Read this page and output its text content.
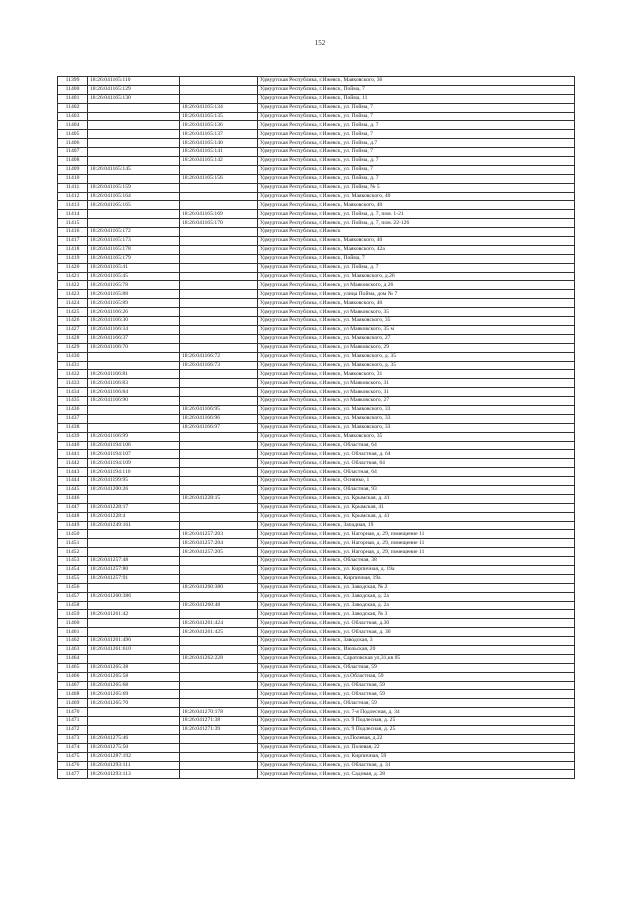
152
11399	18:26:041165:110		Удмуртская Республика, г.Ижевск, Маяковского, 36
11400	18:26:041165:129		Удмуртская Республика, г.Ижевск, Пойма, 7
11401	18:26:041165:130		Удмуртская Республика, г.Ижевск, Пойма, 11
11402		18:26:041165:134	Удмуртская Республика, г.Ижевск, ул. Пойма, 7
11403		18:26:041165:135	Удмуртская Республика, г.Ижевск, ул. Пойма, 7
11404		18:26:041165:136	Удмуртская Республика, г.Ижевск, ул. Пойма, д. 7
11405		18:26:041165:137	Удмуртская Республика, г.Ижевск, ул. Пойма, 7
11406		18:26:041165:140	Удмуртская Республика, г.Ижевск, ул. Пойма, д.7
11407		18:26:041165:141	Удмуртская Республика, г.Ижевск, ул. Пойма, 7
11408		18:26:041165:142	Удмуртская Республика, г.Ижевск, ул. Пойма, д. 7
11409	18:26:041165:145		Удмуртская Республика, г.Ижевск, ул. Пойма, 7
11410		18:26:041165:156	Удмуртская Республика, г.Ижевск, ул. Пойма, д. 7
11411	18:26:041165:159		Удмуртская Республика, г.Ижевск, ул. Пойма, № 5
11412	18:26:041165:164		Удмуртская Республика, г.Ижевск, ул. Маяковского, 40
11413	18:26:041165:165		Удмуртская Республика, г.Ижевск, Маяковского, 40
11414		18:26:041165:169	Удмуртская Республика, г.Ижевск, ул. Пойма, д. 7, пом. 1-21
11415		18:26:041165:170	Удмуртская Республика, г.Ижевск, ул. Пойма, д. 7, пом. 22-126
11416	18:26:041165:172		Удмуртская Республика, г.Ижевск
11417	18:26:041165:173		Удмуртская Республика, г.Ижевск, Маяковского, 40
11418	18:26:041165:178		Удмуртская Республика, г.Ижевск, Маяковского, 42а
11419	18:26:041165:179		Удмуртская Республика, г.Ижевск, Пойма, 7
11420	18:26:041165:41		Удмуртская Республика, г.Ижевск, ул. Пойма, д. 7
11421	18:26:041165:45		Удмуртская Республика, г.Ижевск, ул. Маяковского, д.26
11422	18:26:041165:78		Удмуртская Республика, г.Ижевск, ул Маяковского, д 26
11423	18:26:041165:88		Удмуртская Республика, г.Ижевск, улица Пойма, дом № 7
11424	18:26:041165:89		Удмуртская Республика, г.Ижевск, Маяковского, 40
11425	18:26:041166:26		Удмуртская Республика, г.Ижевск, ул Маяковского, 35
11426	18:26:041166:30		Удмуртская Республика, г.Ижевск, ул. Маяковского, 35
11427	18:26:041166:34		Удмуртская Республика, г.Ижевск, ул Маяковского, 35 м
11428	18:26:041166:37		Удмуртская Республика, г.Ижевск, ул. Маяковского, 27
11429	18:26:041166:70		Удмуртская Республика, г.Ижевск, ул Маяковского, 29
11430		18:26:041166:72	Удмуртская Республика, г.Ижевск, ул. Маяковского, д. 35
11431		18:26:041166:73	Удмуртская Республика, г.Ижевск, ул. Маяковского, д. 35
11432	18:26:041166:81		Удмуртская Республика, г.Ижевск, Маяковского, 31
11433	18:26:041166:83		Удмуртская Республика, г.Ижевск, ул Маяковского, 31
11434	18:26:041166:84		Удмуртская Республика, г.Ижевск, ул Маяковского, 31
11435	18:26:041166:90		Удмуртская Республика, г.Ижевск, ул Маяковского, 27
11436		18:26:041166:95	Удмуртская Республика, г.Ижевск, ул. Маяковского, 33
11437		18:26:041166:96	Удмуртская Республика, г.Ижевск, ул. Маяковского, 33
11438		18:26:041166:97	Удмуртская Республика, г.Ижевск, ул. Маяковского, 33
11439	18:26:041166:99		Удмуртская Республика, г.Ижевск, Маяковского, 35
11440	18:26:041194:106		Удмуртская Республика, г.Ижевск, Областная, 64
11441	18:26:041194:107		Удмуртская Республика, г.Ижевск, ул. Областная, д. 64
11442	18:26:041194:109		Удмуртская Республика, г.Ижевск, ул. Областная, 64
11443	18:26:041194:110		Удмуртская Республика, г.Ижевск, Областная, 64
11444	18:26:041199:95		Удмуртская Республика, г.Ижевск, Оснянко, 1
11445	18:26:041200:26		Удмуртская Республика, г.Ижевск, Областная, 93
11446		18:26:041228:15	Удмуртская Республика, г.Ижевск, ул. Крымская, д. 41
11447	18:26:041228:17		Удмуртская Республика, г.Ижевск, ул. Крымская, 41
11448	18:26:041228:4		Удмуртская Республика, г.Ижевск, ул. Крымская, д. 41
11449	18:26:041249:161		Удмуртская Республика, г.Ижевск, Западная, 19
11450		18:26:041257:203	Удмуртская Республика, г.Ижевск, ул. Нагорная, д. 29, помещение 11
11451		18:26:041257:204	Удмуртская Республика, г.Ижевск, ул. Нагорная, д. 29, помещение 11
11452		18:26:041257:205	Удмуртская Республика, г.Ижевск, ул. Нагорная, д. 29, помещение 11
11453	18:26:041257:48		Удмуртская Республика, г.Ижевск, Областная, 38
11454	18:26:041257:80		Удмуртская Республика, г.Ижевск, ул. Кирпичная, д. 19а
11455	18:26:041257:91		Удмуртская Республика, г.Ижевск, Кирпичная, 19а
11456		18:26:041260:380	Удмуртская Республика, г.Ижевск, ул. Заводская, № 2
11457	18:26:041260:386		Удмуртская Республика, г.Ижевск, ул. Заводская, д. 2а
11458		18:26:041260:48	Удмуртская Республика, г.Ижевск, ул. Заводская, д. 2а
11459	18:26:041261:42		Удмуртская Республика, г.Ижевск, ул. Заводская, № 3
11460		18:26:041261:424	Удмуртская Республика, г.Ижевск, ул. Областная, д.30
11461		18:26:041261:425	Удмуртская Республика, г.Ижевск, ул. Областная, д. 30
11462	18:26:041261:496		Удмуртская Республика, г.Ижевск, Заводская, 3
11463	18:26:041261:610		Удмуртская Республика, г.Ижевск, Июльская, 20
11464		18:26:041262:228	Удмуртская Республика, г.Ижевск, Саратовская ул,31,кв 05
11465	18:26:041265:38		Удмуртская Республика, г.Ижевск, Областная, 59
11466	18:26:041265:58		Удмуртская Республика, г.Ижевск, ул.Областная, 59
11467	18:26:041265:68		Удмуртская Республика, г.Ижевск, ул. Областная, 59
11468	18:26:041265:69		Удмуртская Республика, г.Ижевск, ул. Областная, 59
11469	18:26:041265:70		Удмуртская Республика, г.Ижевск, Областная, 59
11470		18:26:041270:178	Удмуртская Республика, г.Ижевск, ул. 7-я Подлесная, д. 34
11471		18:26:041271:38	Удмуртская Республика, г.Ижевск, ул. 9 Подлесная, д. 25
11472		18:26:041271:39	Удмуртская Республика, г.Ижевск, ул. 9 Подлесная, д. 25
11473	18:26:041275:46		Удмуртская Республика, г.Ижевск, ул.Полевая, д.22
11474	18:26:041275:50		Удмуртская Республика, г.Ижевск, ул. Полевая, 22
11475	18:26:041287:192		Удмуртская Республика, г.Ижевск, ул. Кирпичная, 59
11476	18:26:041293:111		Удмуртская Республика, г.Ижевск, ул. Областная, д. 31
11477	18:26:041293:113		Удмуртская Республика, г.Ижевск, ул. Садовая, д. 28
